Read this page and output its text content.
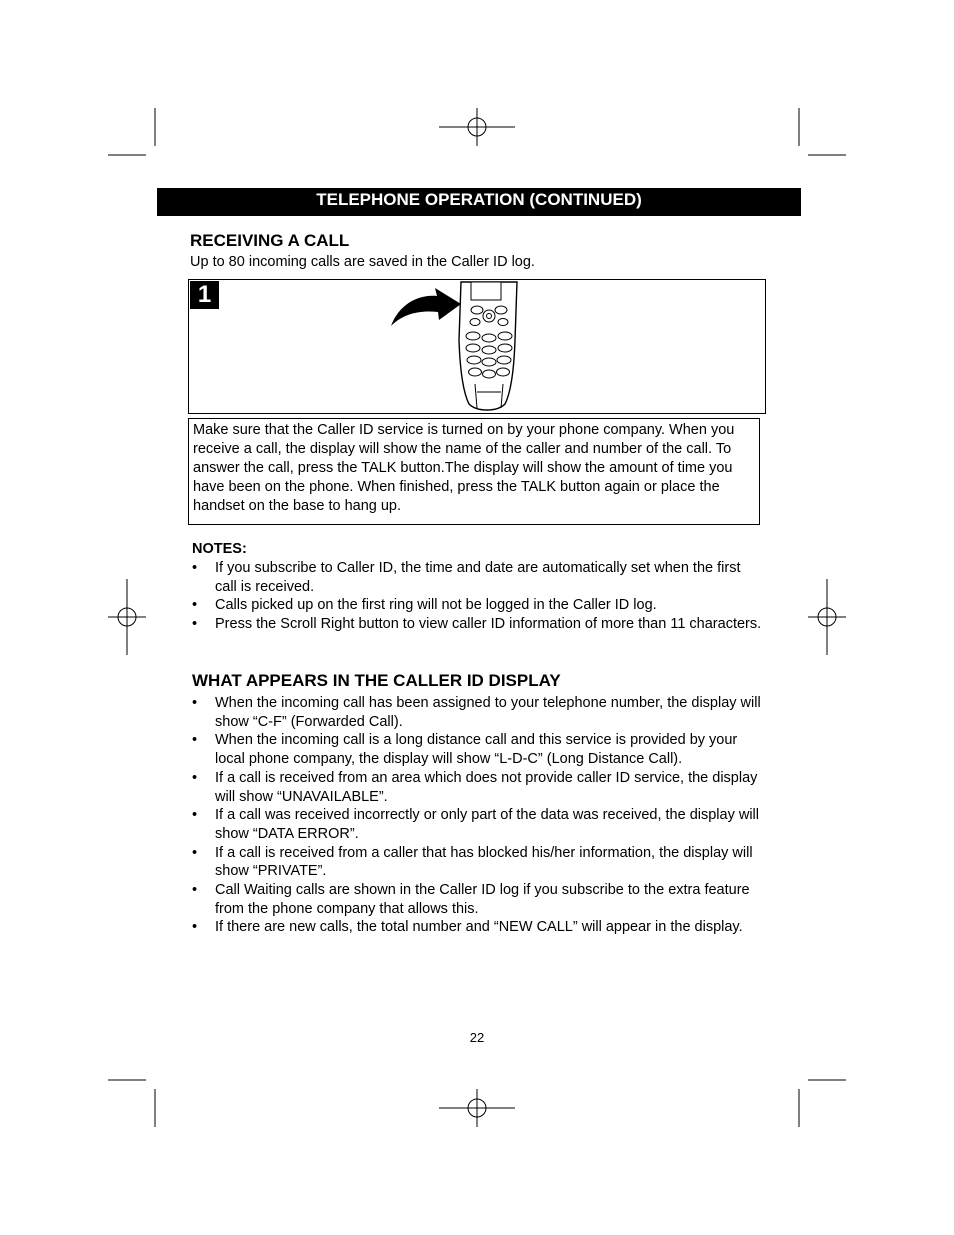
TELEPHONE OPERATION (CONTINUED)
RECEIVING A CALL
Up to 80 incoming calls are saved in the Caller ID log.
1
Make sure that the Caller ID service is turned on by your phone company. When you receive a call, the display will show the name of the caller and number of the call. To answer the call, press the TALK button.The display will show the amount of time you have been on the phone. When finished, press the TALK button again or place the handset on the base to hang up.
NOTES:
• If you subscribe to Caller ID, the time and date are automatically set when the first call is received.
• Calls picked up on the first ring will not be logged in the Caller ID log.
• Press the Scroll Right button to view caller ID information of more than 11 characters.
WHAT APPEARS IN THE CALLER ID DISPLAY
• When the incoming call has been assigned to your telephone number, the display will show “C-F” (Forwarded Call).
• When the incoming call is a long distance call and this service is provided by your local phone company, the display will show “L-D-C” (Long Distance Call).
• If a call is received from an area which does not provide caller ID service, the display will show “UNAVAILABLE”.
• If a call was received incorrectly or only part of the data was received, the display will show “DATA ERROR”.
• If a call is received from a caller that has blocked his/her information, the display will show “PRIVATE”.
• Call Waiting calls are shown in the Caller ID log if you subscribe to the extra feature from the phone company that allows this.
• If there are new calls, the total number and “NEW CALL” will appear in the display.
22
